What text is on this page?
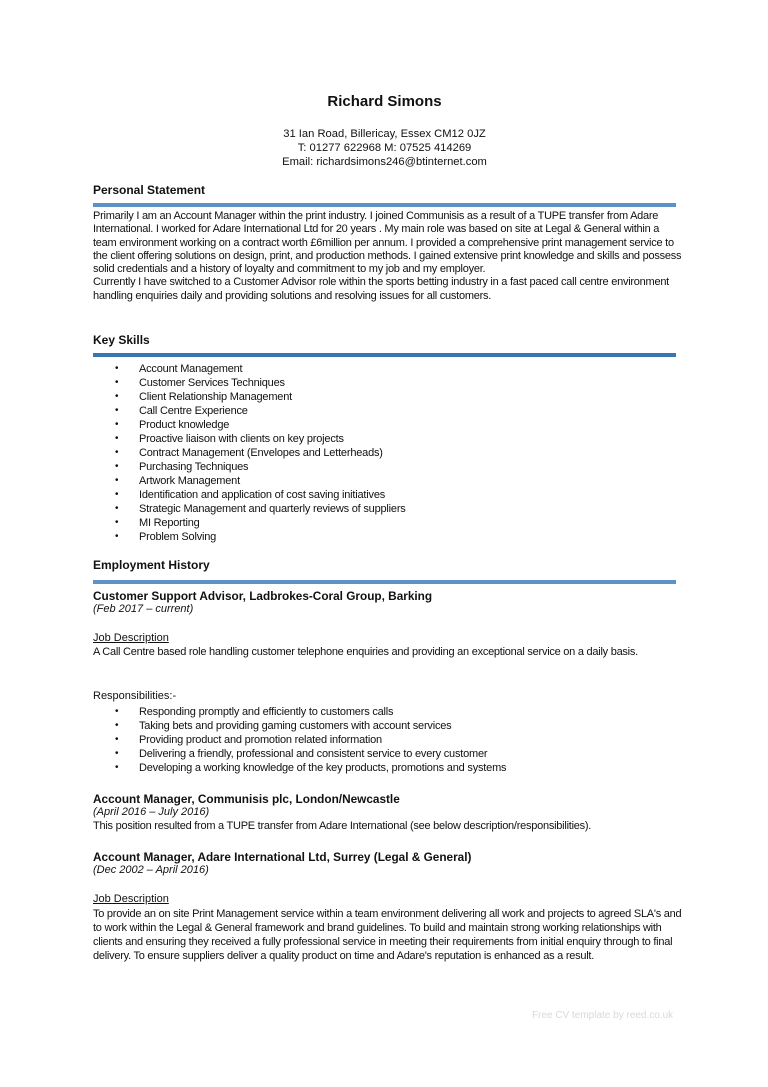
Richard Simons
31 Ian Road, Billericay, Essex CM12 0JZ
T: 01277 622968 M: 07525 414269
Email: richardsimons246@btinternet.com
Personal Statement
Primarily I am an Account Manager within the print industry. I joined Communisis as a result of a TUPE transfer from Adare International. I worked for Adare International Ltd for 20 years . My main role was based on site at Legal & General within a team environment working on a contract worth £6million per annum. I provided a comprehensive print management service to the client offering solutions on design, print, and production methods. I gained extensive print knowledge and skills and possess solid credentials and a history of loyalty and commitment to my job and my employer.
Currently I have switched to a Customer Advisor role within the sports betting industry in a fast paced call centre environment handling enquiries daily and providing solutions and resolving issues for all customers.
Key Skills
• Account Management
• Customer Services Techniques
• Client Relationship Management
• Call Centre Experience
• Product knowledge
• Proactive liaison with clients on key projects
• Contract Management (Envelopes and Letterheads)
• Purchasing Techniques
• Artwork Management
• Identification and application of cost saving initiatives
• Strategic Management and quarterly reviews of suppliers
• MI Reporting
• Problem Solving
Employment History
Customer Support Advisor, Ladbrokes-Coral Group, Barking
(Feb 2017 – current)
Job Description
A Call Centre based role handling customer telephone enquiries and providing an exceptional service on a daily basis.
Responsibilities:-
• Responding promptly and efficiently to customers calls
• Taking bets and providing gaming customers with account services
• Providing product and promotion related information
• Delivering a friendly, professional and consistent service to every customer
• Developing a working knowledge of the key products, promotions and systems
Account Manager, Communisis plc, London/Newcastle
(April 2016 – July 2016)
This position resulted from a TUPE transfer from Adare International (see below description/responsibilities).
Account Manager, Adare International Ltd, Surrey (Legal & General)
(Dec 2002 – April 2016)
Job Description
To provide an on site Print Management service within a team environment delivering all work and projects to agreed SLA's and to work within the Legal & General framework and brand guidelines. To build and maintain strong working relationships with clients and ensuring they received a fully professional service in meeting their requirements from initial enquiry through to final delivery. To ensure suppliers deliver a quality product on time and Adare's reputation is enhanced as a result.
Free CV template by reed.co.uk
